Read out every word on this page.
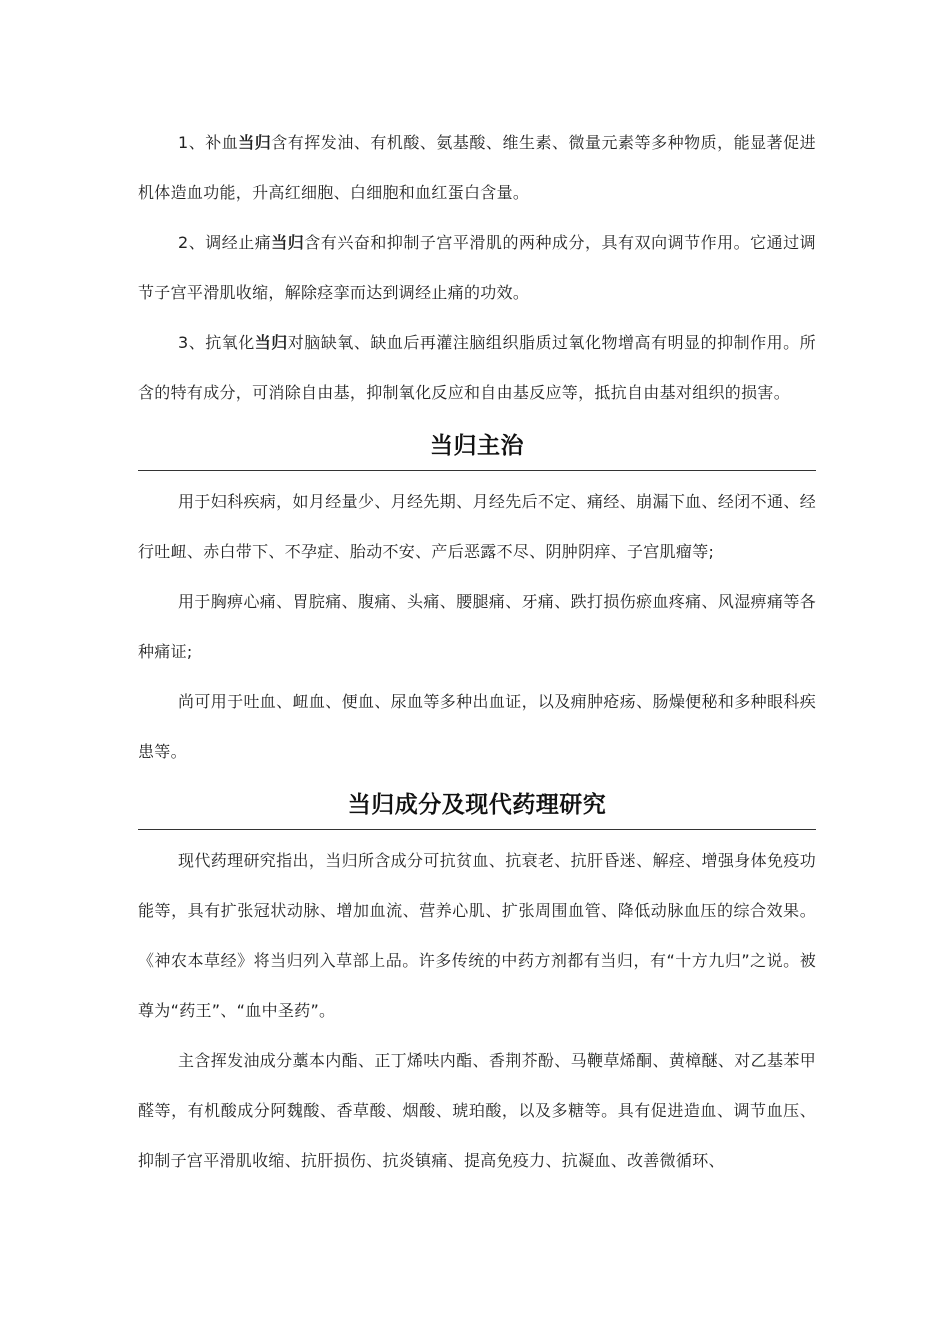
1、补血当归含有挥发油、有机酸、氨基酸、维生素、微量元素等多种物质，能显著促进机体造血功能，升高红细胞、白细胞和血红蛋白含量。

2、调经止痛当归含有兴奋和抑制子宫平滑肌的两种成分，具有双向调节作用。它通过调节子宫平滑肌收缩，解除痉挛而达到调经止痛的功效。

3、抗氧化当归对脑缺氧、缺血后再灌注脑组织脂质过氧化物增高有明显的抑制作用。所含的特有成分，可消除自由基，抑制氧化反应和自由基反应等，抵抗自由基对组织的损害。

当归主治

用于妇科疾病，如月经量少、月经先期、月经先后不定、痛经、崩漏下血、经闭不通、经行吐衄、赤白带下、不孕症、胎动不安、产后恶露不尽、阴肿阴痒、子宫肌瘤等;

用于胸痹心痛、胃脘痛、腹痛、头痛、腰腿痛、牙痛、跌打损伤瘀血疼痛、风湿痹痛等各种痛证;

尚可用于吐血、衄血、便血、尿血等多种出血证，以及痈肿疮疡、肠燥便秘和多种眼科疾患等。

当归成分及现代药理研究

现代药理研究指出，当归所含成分可抗贫血、抗衰老、抗肝昏迷、解痉、增强身体免疫功能等，具有扩张冠状动脉、增加血流、营养心肌、扩张周围血管、降低动脉血压的综合效果。《神农本草经》将当归列入草部上品。许多传统的中药方剂都有当归，有“十方九归”之说。被尊为“药王”、“血中圣药”。

主含挥发油成分藁本内酯、正丁烯呋内酯、香荆芥酚、马鞭草烯酮、黄樟醚、对乙基苯甲醛等，有机酸成分阿魏酸、香草酸、烟酸、琥珀酸，以及多糖等。具有促进造血、调节血压、抑制子宫平滑肌收缩、抗肝损伤、抗炎镇痛、提高免疫力、抗凝血、改善微循环、
